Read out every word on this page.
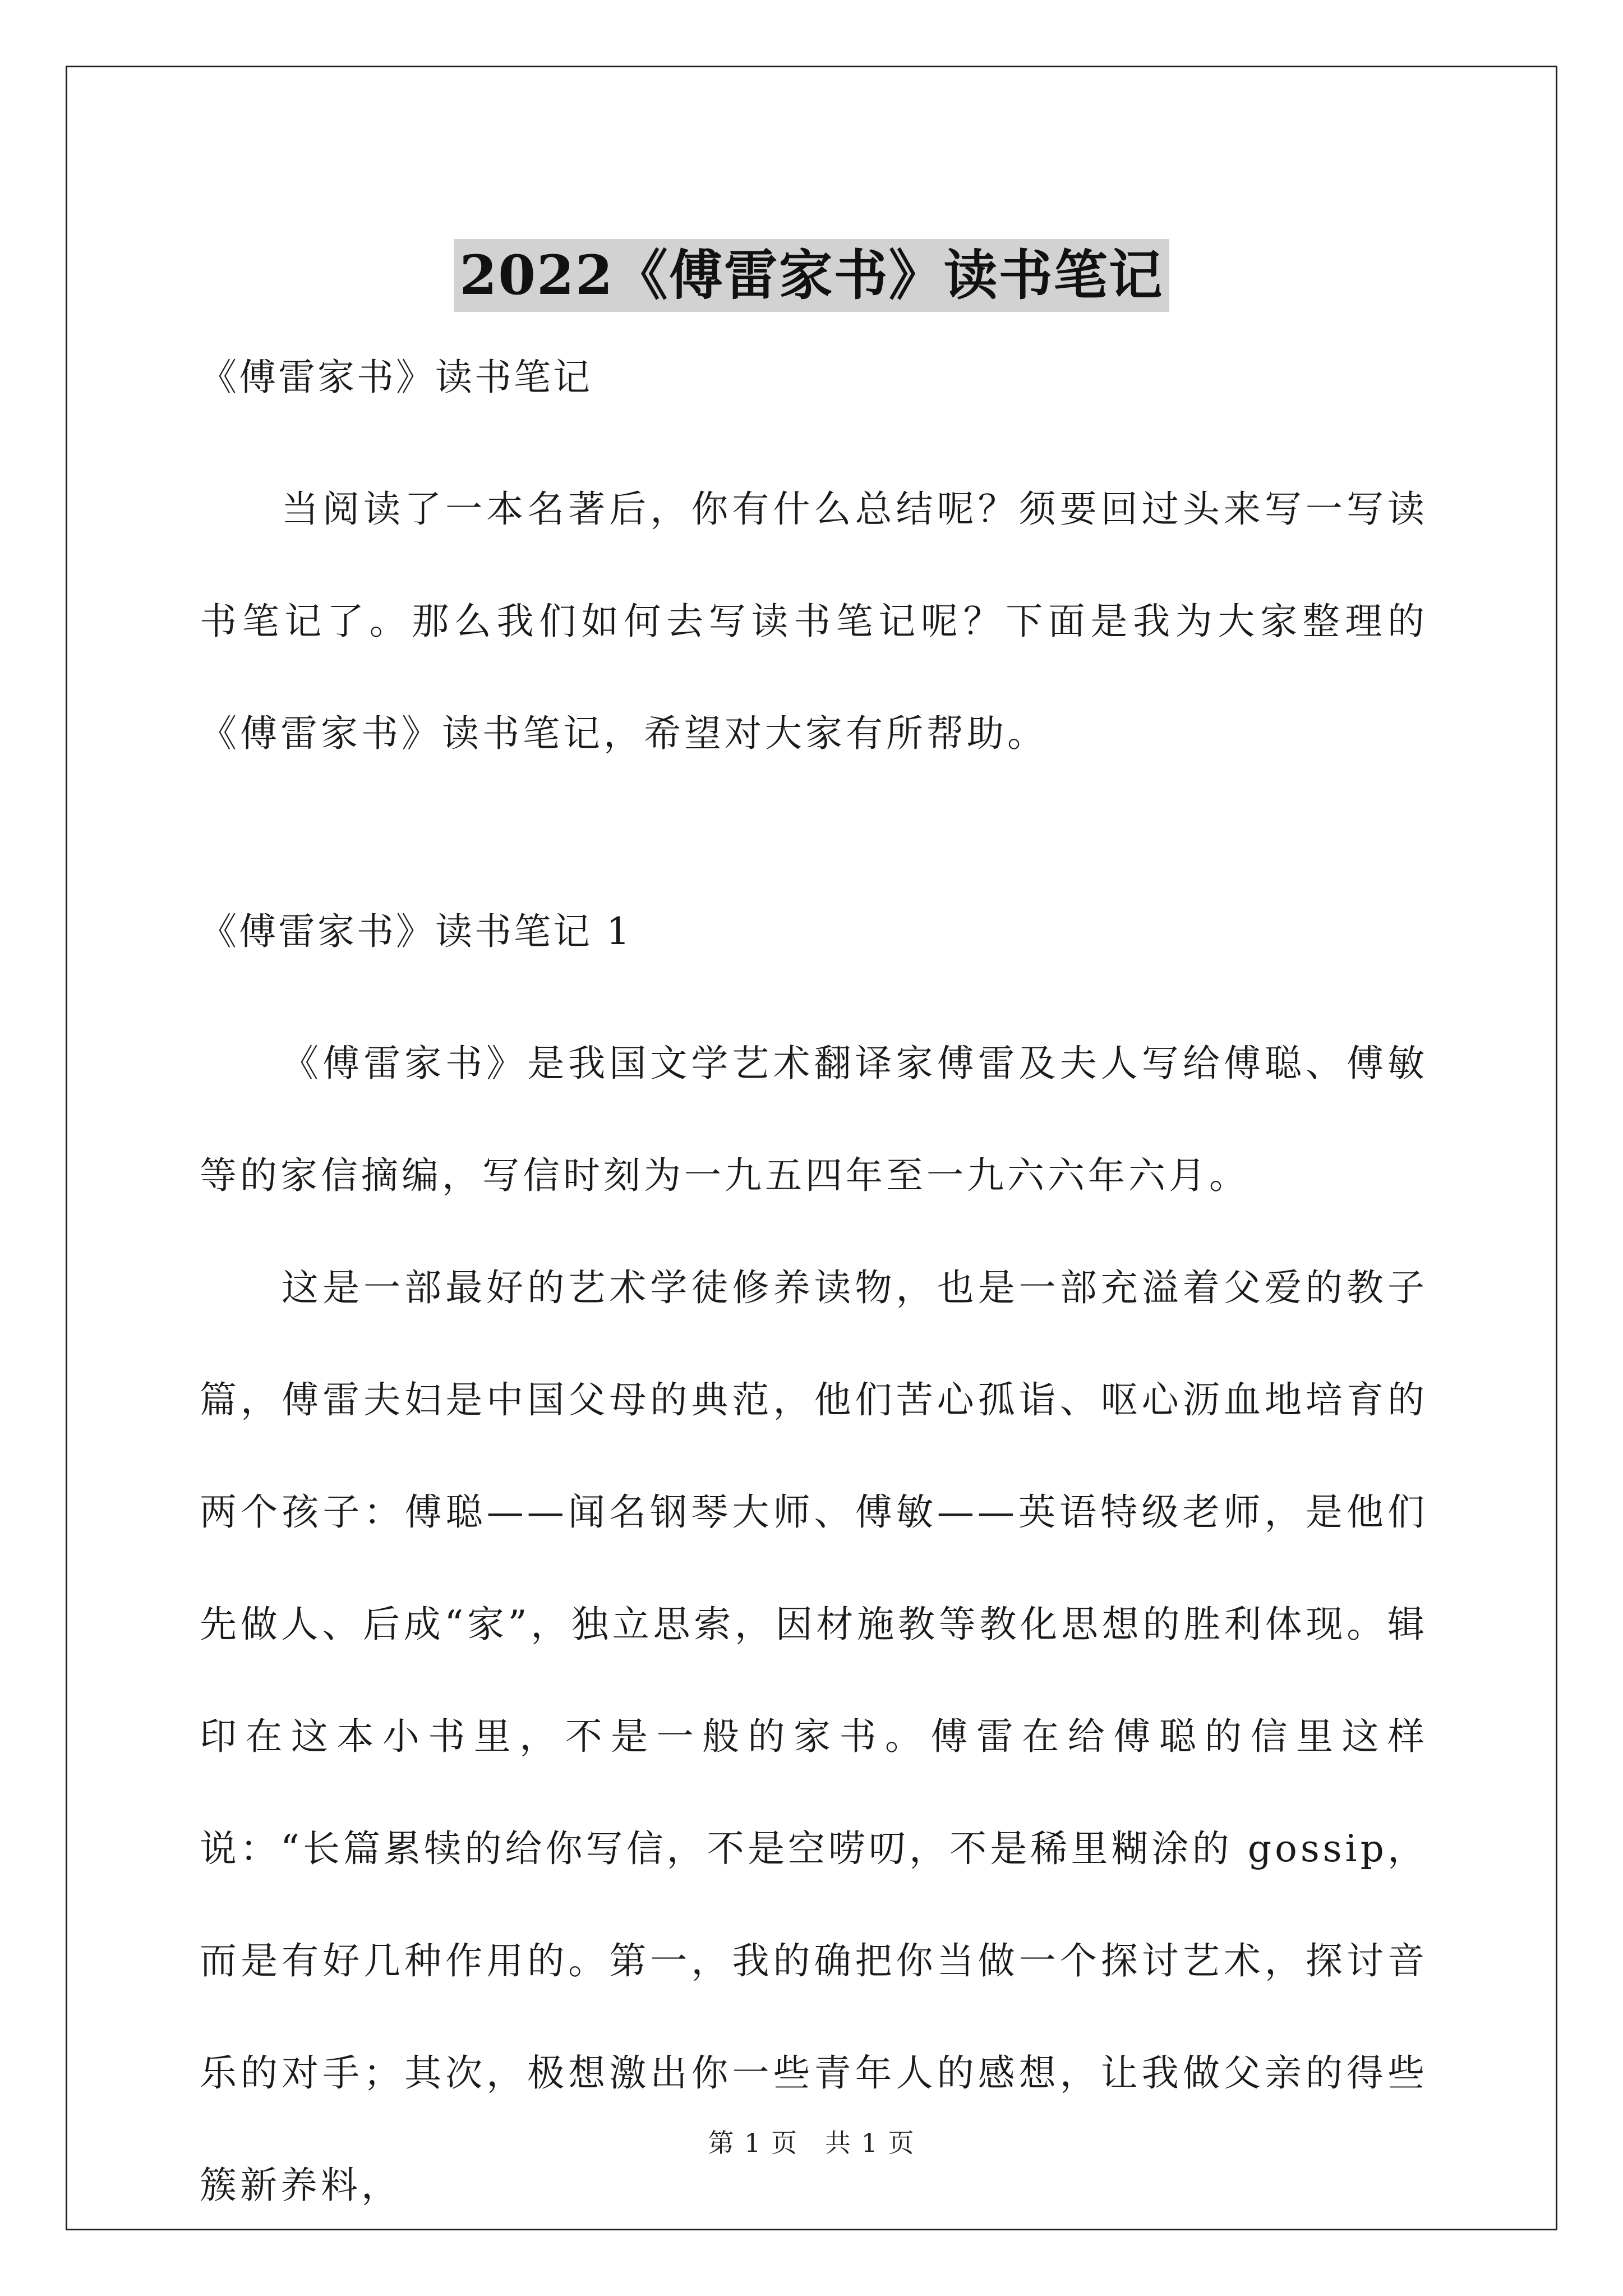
2022《傅雷家书》读书笔记

《傅雷家书》读书笔记

当阅读了一本名著后，你有什么总结呢？须要回过头来写一写读书笔记了。那么我们如何去写读书笔记呢？下面是我为大家整理的《傅雷家书》读书笔记，希望对大家有所帮助。

《傅雷家书》读书笔记 1

《傅雷家书》是我国文学艺术翻译家傅雷及夫人写给傅聪、傅敏等的家信摘编，写信时刻为一九五四年至一九六六年六月。

这是一部最好的艺术学徒修养读物，也是一部充溢着父爱的教子篇，傅雷夫妇是中国父母的典范，他们苦心孤诣、呕心沥血地培育的两个孩子：傅聪——闻名钢琴大师、傅敏——英语特级老师，是他们先做人、后成“家”，独立思索，因材施教等教化思想的胜利体现。辑印在这本小书里，不是一般的家书。傅雷在给傅聪的信里这样说：“长篇累犊的给你写信，不是空唠叨，不是稀里糊涂的 gossip，而是有好几种作用的。第一，我的确把你当做一个探讨艺术，探讨音乐的对手；其次，极想激出你一些青年人的感想，让我做父亲的得些簇新养料，

第 1 页　共 1 页
